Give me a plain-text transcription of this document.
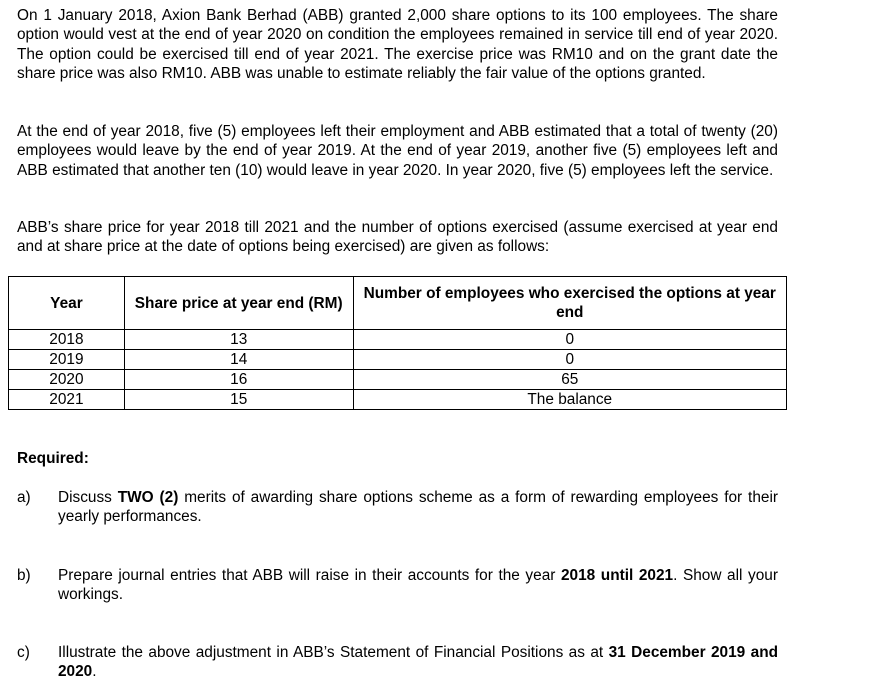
On 1 January 2018, Axion Bank Berhad (ABB) granted 2,000 share options to its 100 employees. The share option would vest at the end of year 2020 on condition the employees remained in service till end of year 2020. The option could be exercised till end of year 2021. The exercise price was RM10 and on the grant date the share price was also RM10. ABB was unable to estimate reliably the fair value of the options granted.

At the end of year 2018, five (5) employees left their employment and ABB estimated that a total of twenty (20) employees would leave by the end of year 2019. At the end of year 2019, another five (5) employees left and ABB estimated that another ten (10) would leave in year 2020. In year 2020, five (5) employees left the service.

ABB’s share price for year 2018 till 2021 and the number of options exercised (assume exercised at year end and at share price at the date of options being exercised) are given as follows:

Year	Share price at year end (RM)	Number of employees who exercised the options at year end
2018	13	0
2019	14	0
2020	16	65
2021	15	The balance

Required:

a) Discuss TWO (2) merits of awarding share options scheme as a form of rewarding employees for their yearly performances.
b) Prepare journal entries that ABB will raise in their accounts for the year 2018 until 2021. Show all your workings.
c) Illustrate the above adjustment in ABB’s Statement of Financial Positions as at 31 December 2019 and 2020.
